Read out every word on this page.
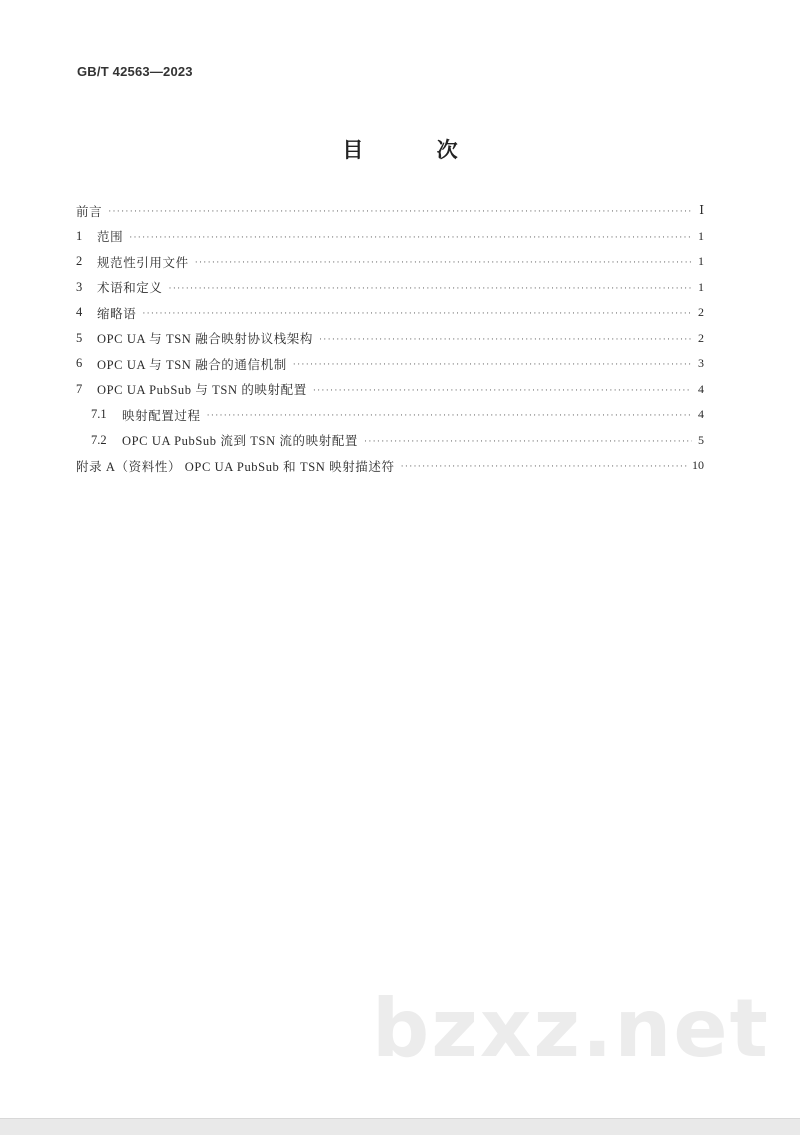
GB/T 42563—2023
目 次
前言 ·····	Ⅰ
1	范围 ·····	1
2	规范性引用文件 ·····	1
3	术语和定义 ·····	1
4	缩略语 ·····	2
5	OPC UA 与 TSN 融合映射协议栈架构 ·····	2
6	OPC UA 与 TSN 融合的通信机制 ·····	3
7	OPC UA PubSub 与 TSN 的映射配置 ·····	4
7.1	映射配置过程 ·····	4
7.2	OPC UA PubSub 流到 TSN 流的映射配置 ·····	5
附录 A（资料性） OPC UA PubSub 和 TSN 映射描述符 ·····	10
bzxz.net
